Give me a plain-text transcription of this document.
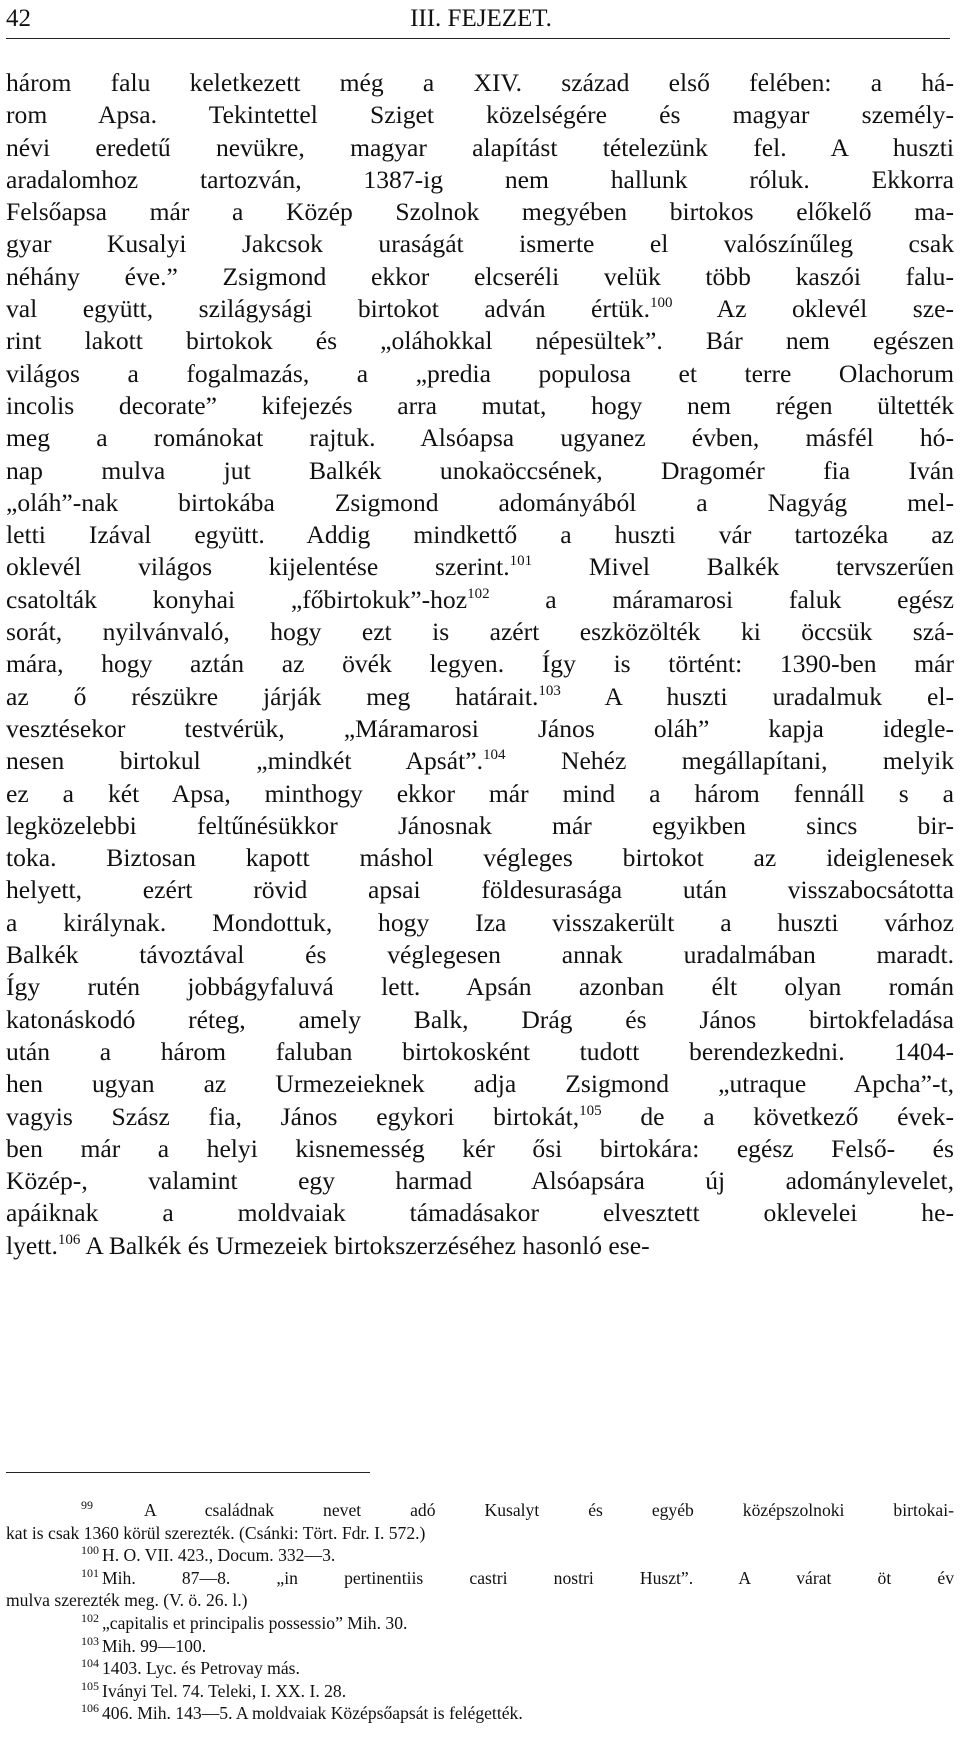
42	III. FEJEZET.
három falu keletkezett még a XIV. század első felében: a há-
rom Apsa. Tekintettel Sziget közelségére és magyar személy-
névi eredetű nevükre, magyar alapítást tételezünk fel. A huszti
aradalomhoz tartozván, 1387-ig nem hallunk róluk. Ekkorra
Felsőapsa már a Közép Szolnok megyében birtokos előkelő ma-
gyar Kusalyi Jakcsok uraságát ismerte el valószínűleg csak
néhány éve.” Zsigmond ekkor elcseréli velük több kaszói falu-
val együtt, szilágysági birtokot adván értük.$^{100}$ Az oklevél sze-
rint lakott birtokok és „oláhokkal népesültek”. Bár nem egészen
világos a fogalmazás, a „predia populosa et terre Olachorum
incolis decorate” kifejezés arra mutat, hogy nem régen ültették
meg a románokat rajtuk. Alsóapsa ugyanez évben, másfél hó-
nap mulva jut Balkék unokaöccsének, Dragomér fia Iván
„oláh”-nak birtokába Zsigmond adományából a Nagyág mel-
letti Izával együtt. Addig mindkettő a huszti vár tartozéka az
oklevél világos kijelentése szerint.$^{101}$ Mivel Balkék tervszerűen
csatolták konyhai „főbirtokuk”-hoz$^{102}$ a máramarosi faluk egész
sorát, nyilvánvaló, hogy ezt is azért eszközölték ki öccsük szá-
mára, hogy aztán az övék legyen. Így is történt: 1390-ben már
az ő részükre járják meg határait.$^{103}$ A huszti uradalmuk el-
vesztésekor testvérük, „Máramarosi János oláh” kapja idegle-
nesen birtokul „mindkét Apsát”.$^{104}$ Nehéz megállapítani, melyik
ez a két Apsa, minthogy ekkor már mind a három fennáll s a
legközelebbi feltűnésükkor Jánosnak már egyikben sincs bir-
toka. Biztosan kapott máshol végleges birtokot az ideiglenesek
helyett, ezért rövid apsai földesurasága után visszabocsátotta
a királynak. Mondottuk, hogy Iza visszakerült a huszti várhoz
Balkék távoztával és véglegesen annak uradalmában maradt.
Így rutén jobbágyfaluvá lett. Apsán azonban élt olyan román
katonáskodó réteg, amely Balk, Drág és János birtokfeladása
után a három faluban birtokosként tudott berendezkedni. 1404-
hen ugyan az Urmezeieknek adja Zsigmond „utraque Apcha”-t,
vagyis Szász fia, János egykori birtokát,$^{105}$ de a következő évek-
ben már a helyi kisnemesség kér ősi birtokára: egész Felső- és
Közép-, valamint egy harmad Alsóapsára új adománylevelet,
apáiknak a moldvaiak támadásakor elvesztett oklevelei he-
lyett.$^{106}$ A Balkék és Urmezeiek birtokszerzéséhez hasonló ese-
$^{99}$ A családnak nevet adó Kusalyt és egyéb középszolnoki birtokai-
kat is csak 1360 körül szerezték. (Csánki: Tört. Fdr. I. 572.)
$^{100}$ H. O. VII. 423., Docum. 332—3.
$^{101}$ Mih. 87—8. „in pertinentiis castri nostri Huszt”. A várat öt év
mulva szerezték meg. (V. ö. 26. l.)
$^{102}$ „capitalis et principalis possessio” Mih. 30.
$^{103}$ Mih. 99—100.
$^{104}$ 1403. Lyc. és Petrovay más.
$^{105}$ Iványi Tel. 74. Teleki, I. XX. I. 28.
$^{106}$ 406. Mih. 143—5. A moldvaiak Középsőapsát is felégették.
